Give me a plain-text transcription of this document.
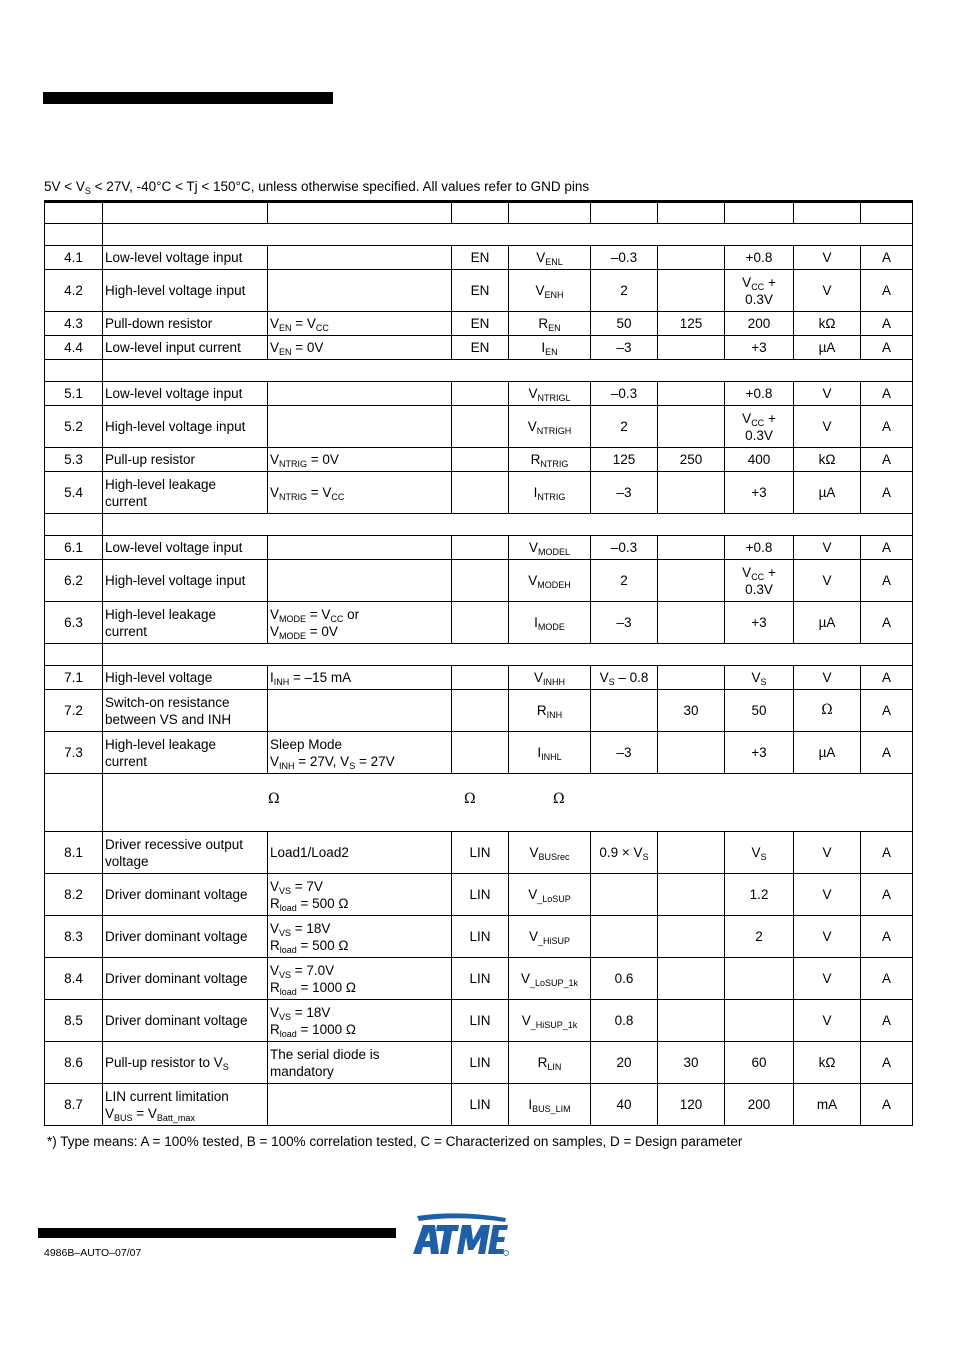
$5V < V_S < 27V$, -40°C < Tj < 150°C, unless otherwise specified. All values refer to GND pins

4.1	Low-level voltage input		EN	$V_{ENL}$	–0.3		+0.8	V	A
4.2	High-level voltage input		EN	$V_{ENH}$	2		$V_{CC}$ +
0.3V	V	A
4.3	Pull-down resistor	$V_{EN} = V_{CC}$	EN	$R_{EN}$	50	125	200	kΩ	A
4.4	Low-level input current	$V_{EN} = 0V$	EN	$I_{EN}$	–3		+3	µA	A

5.1	Low-level voltage input			$V_{NTRIGL}$	–0.3		+0.8	V	A
5.2	High-level voltage input			$V_{NTRIGH}$	2		$V_{CC}$ +
0.3V	V	A
5.3	Pull-up resistor	$V_{NTRIG} = 0V$		$R_{NTRIG}$	125	250	400	kΩ	A
5.4	High-level leakage
current	$V_{NTRIG} = V_{CC}$		$I_{NTRIG}$	–3		+3	µA	A

6.1	Low-level voltage input			$V_{MODEL}$	–0.3		+0.8	V	A
6.2	High-level voltage input			$V_{MODEH}$	2		$V_{CC}$ +
0.3V	V	A
6.3	High-level leakage
current	$V_{MODE} = V_{CC}$ or
$V_{MODE} = 0V$		$I_{MODE}$	–3		+3	µA	A

7.1	High-level voltage	$I_{INH} = -15$ mA		$V_{INHH}$	$V_S - 0.8$		$V_S$	V	A
7.2	Switch-on resistance
between VS and INH			$R_{INH}$		30	50	Ω	A
7.3	High-level leakage
current	Sleep Mode
$V_{INH} = 27V$, $V_S = 27V$		$I_{INHL}$	–3		+3	µA	A

	Ω Ω Ω								

8.1	Driver recessive output
voltage	Load1/Load2	LIN	$V_{BUSrec}$	$0.9 \times V_S$		$V_S$	V	A
8.2	Driver dominant voltage	$V_{VS} = 7V$
$R_{load} = 500$ Ω	LIN	$V_{\_LoSUP}$			1.2	V	A
8.3	Driver dominant voltage	$V_{VS} = 18V$
$R_{load} = 500$ Ω	LIN	$V_{\_HiSUP}$			2	V	A
8.4	Driver dominant voltage	$V_{VS} = 7.0V$
$R_{load} = 1000$ Ω	LIN	$V_{\_LoSUP\_1k}$	0.6			V	A
8.5	Driver dominant voltage	$V_{VS} = 18V$
$R_{load} = 1000$ Ω	LIN	$V_{\_HiSUP\_1k}$	0.8			V	A
8.6	Pull-up resistor to $V_S$	The serial diode is
mandatory	LIN	$R_{LIN}$	20	30	60	kΩ	A
8.7	LIN current limitation
$V_{BUS} = V_{Batt\_max}$		LIN	$I_{BUS\_LIM}$	40	120	200	mA	A
*) Type means: A = 100% tested, B = 100% correlation tested, C = Characterized on samples, D = Design parameter
4986B–AUTO–07/07
